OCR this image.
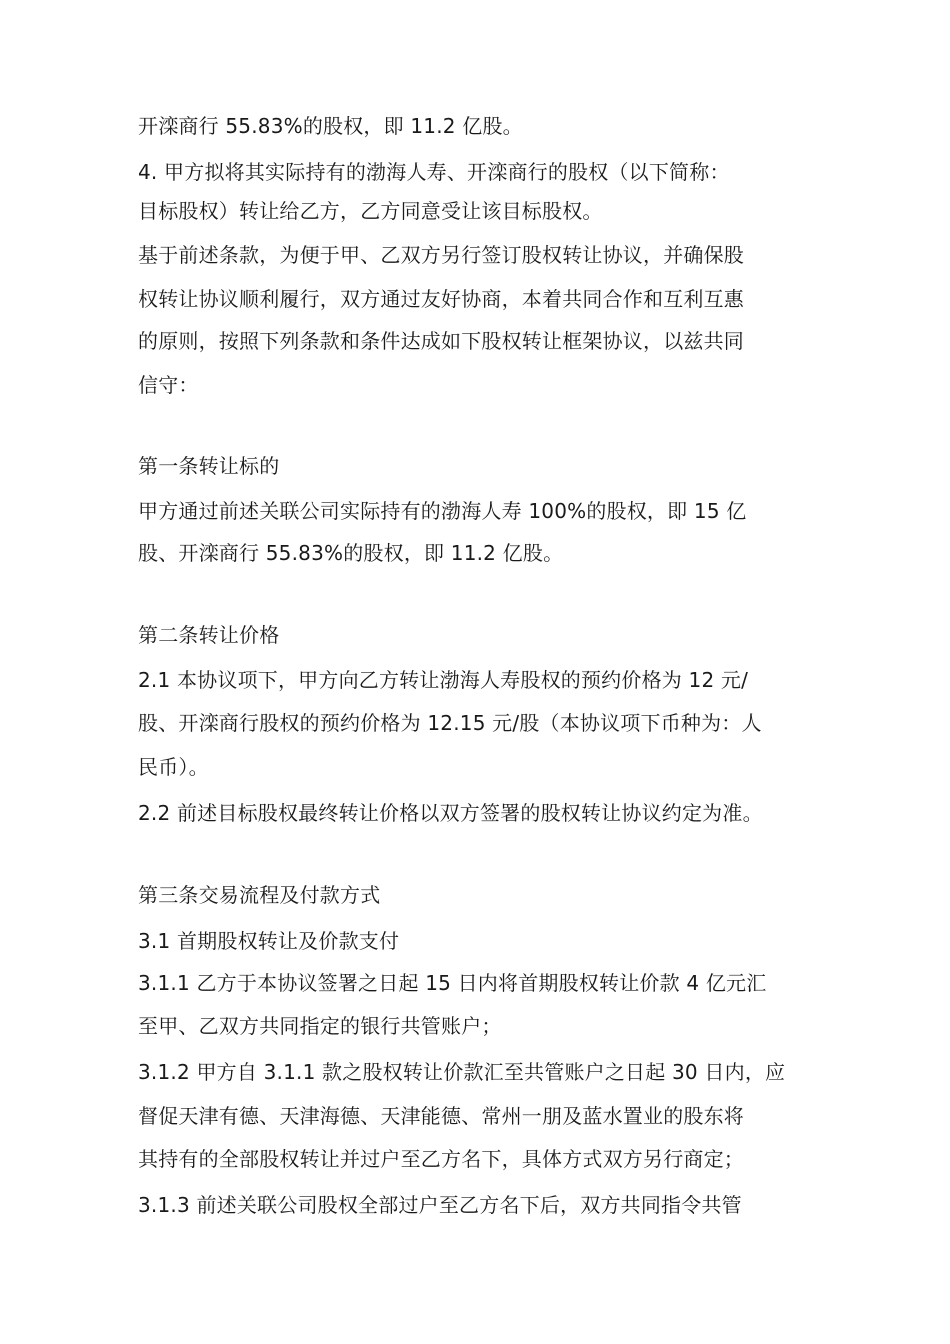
开滦商行 55.83%的股权，即 11.2 亿股。

4. 甲方拟将其实际持有的渤海人寿、开滦商行的股权（以下简称：

目标股权）转让给乙方，乙方同意受让该目标股权。

基于前述条款，为便于甲、乙双方另行签订股权转让协议，并确保股

权转让协议顺利履行，双方通过友好协商，本着共同合作和互利互惠

的原则，按照下列条款和条件达成如下股权转让框架协议，以兹共同

信守：

第一条转让标的

甲方通过前述关联公司实际持有的渤海人寿 100%的股权，即 15 亿

股、开滦商行 55.83%的股权，即 11.2 亿股。

第二条转让价格

2.1 本协议项下，甲方向乙方转让渤海人寿股权的预约价格为 12 元/

股、开滦商行股权的预约价格为 12.15 元/股（本协议项下币种为：人

民币）。

2.2 前述目标股权最终转让价格以双方签署的股权转让协议约定为准。

第三条交易流程及付款方式

3.1 首期股权转让及价款支付

3.1.1 乙方于本协议签署之日起 15 日内将首期股权转让价款 4 亿元汇

至甲、乙双方共同指定的银行共管账户；

3.1.2 甲方自 3.1.1 款之股权转让价款汇至共管账户之日起 30 日内，应

督促天津有德、天津海德、天津能德、常州一朋及蓝水置业的股东将

其持有的全部股权转让并过户至乙方名下，具体方式双方另行商定；

3.1.3 前述关联公司股权全部过户至乙方名下后，双方共同指令共管
